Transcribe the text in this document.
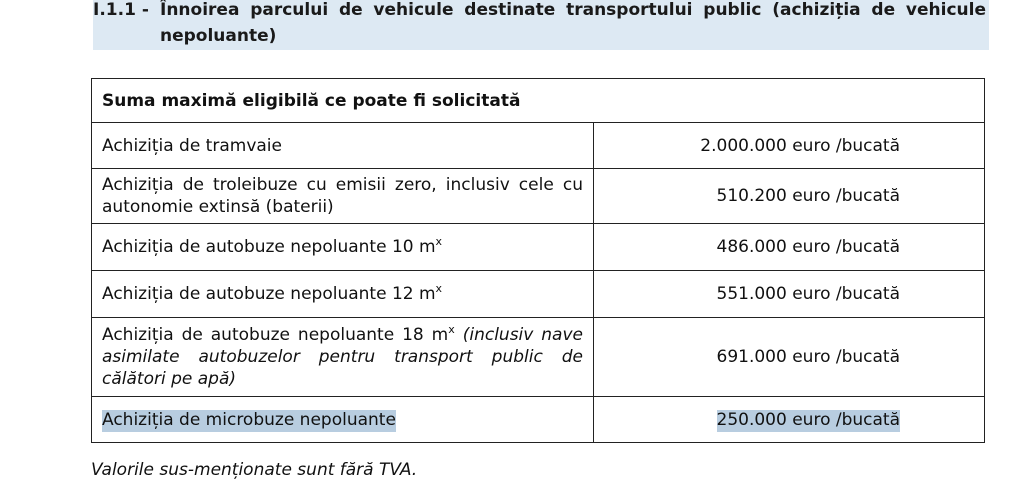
I.1.1 - Înnoirea parcului de vehicule destinate transportului public (achiziția de vehicule nepoluante)
Suma maximă eligibilă ce poate fi solicitată	
Achiziția de tramvaie	2.000.000 euro /bucată

Achiziția de troleibuze cu emisii zero, inclusiv cele cu autonomie extinsă (baterii)	510.200 euro /bucată
Achiziția de autobuze nepoluante 10 $m^x$	486.000 euro /bucată
Achiziția de autobuze nepoluante 12 $m^x$	551.000 euro /bucată

Achiziția de autobuze nepoluante 18 $m^x$ (inclusiv nave asimilate autobuzelor pentru transport public de călători pe apă)	691.000 euro /bucată
Achiziția de microbuze nepoluante	250.000 euro /bucată
Valorile sus-menționate sunt fără TVA.
